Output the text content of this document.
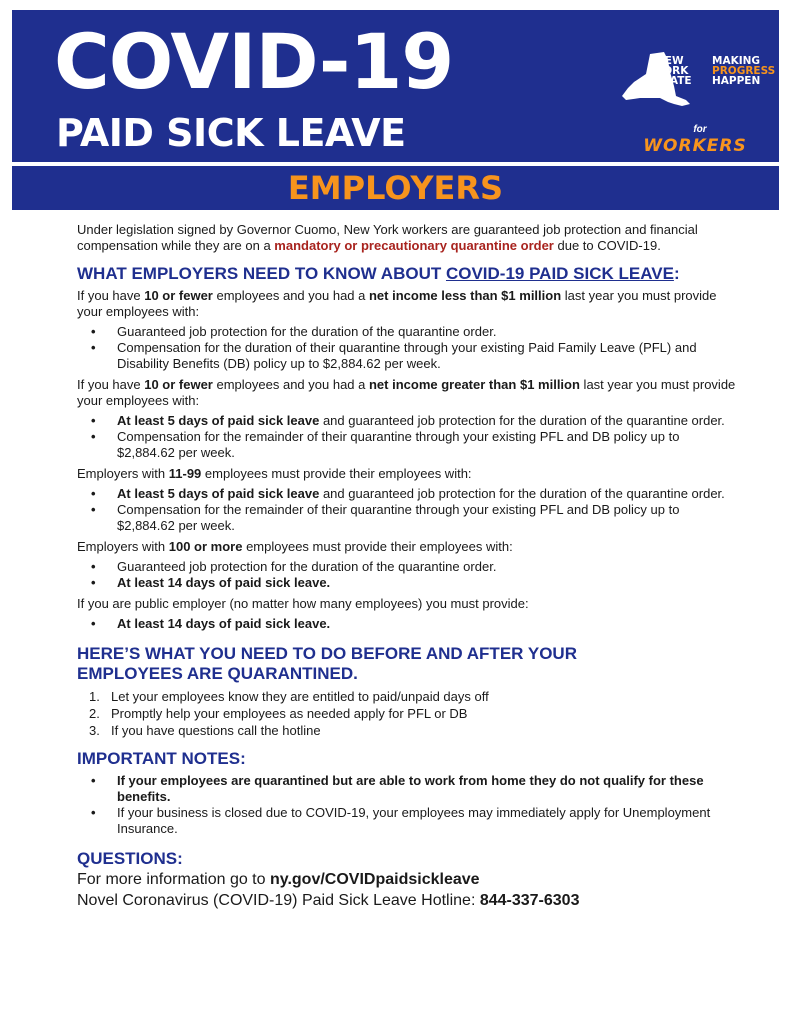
COVID-19
PAID SICK LEAVE
NEW
YORK
STATE
MAKING
PROGRESS
HAPPEN
for
WORKERS
EMPLOYERS

Under legislation signed by Governor Cuomo, New York workers are guaranteed job protection and financial compensation while they are on a mandatory or precautionary quarantine order due to COVID-19.

WHAT EMPLOYERS NEED TO KNOW ABOUT COVID-19 PAID SICK LEAVE:

If you have 10 or fewer employees and you had a net income less than $1 million last year you must provide your employees with:

• Guaranteed job protection for the duration of the quarantine order.
• Compensation for the duration of their quarantine through your existing Paid Family Leave (PFL) and Disability Benefits (DB) policy up to $2,884.62 per week.

If you have 10 or fewer employees and you had a net income greater than $1 million last year you must provide your employees with:

• At least 5 days of paid sick leave and guaranteed job protection for the duration of the quarantine order.
• Compensation for the remainder of their quarantine through your existing PFL and DB policy up to $2,884.62 per week.

Employers with 11-99 employees must provide their employees with:

• At least 5 days of paid sick leave and guaranteed job protection for the duration of the quarantine order.
• Compensation for the remainder of their quarantine through your existing PFL and DB policy up to $2,884.62 per week.

Employers with 100 or more employees must provide their employees with:

• Guaranteed job protection for the duration of the quarantine order.
• At least 14 days of paid sick leave.

If you are public employer (no matter how many employees) you must provide:

• At least 14 days of paid sick leave.
HERE’S WHAT YOU NEED TO DO BEFORE AND AFTER YOUR
EMPLOYEES ARE QUARANTINED.
1. Let your employees know they are entitled to paid/unpaid days off
2. Promptly help your employees as needed apply for PFL or DB
3. If you have questions call the hotline
IMPORTANT NOTES:
• If your employees are quarantined but are able to work from home they do not qualify for these benefits.
• If your business is closed due to COVID-19, your employees may immediately apply for Unemployment Insurance.
QUESTIONS:
For more information go to ny.gov/COVIDpaidsickleave
Novel Coronavirus (COVID-19) Paid Sick Leave Hotline: 844-337-6303
